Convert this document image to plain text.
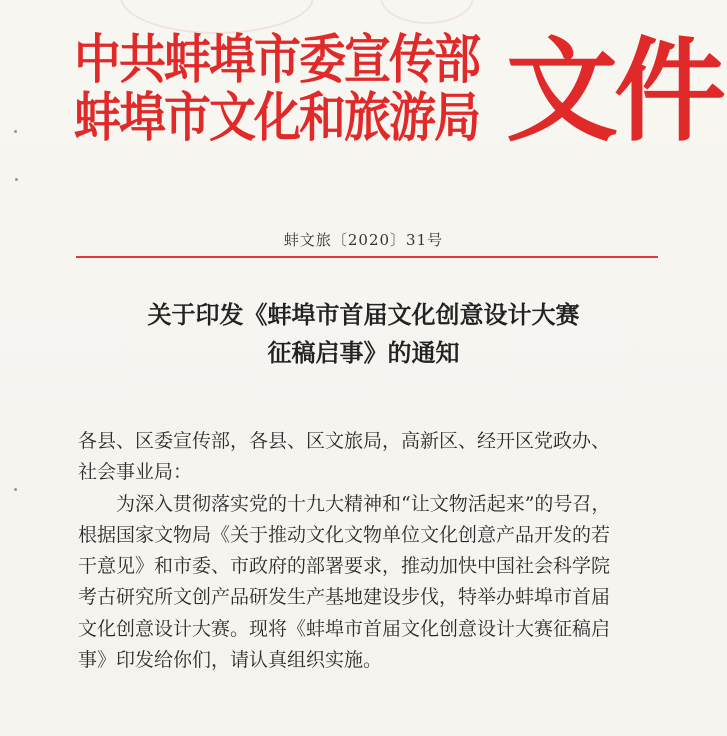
中共蚌埠市委宣传部
蚌埠市文化和旅游局 文件
蚌文旅〔2020〕31号
关于印发《蚌埠市首届文化创意设计大赛
征稿启事》的通知
各县、区委宣传部，各县、区文旅局，高新区、经开区党政办、
社会事业局：
　　为深入贯彻落实党的十九大精神和“让文物活起来”的号召，
根据国家文物局《关于推动文化文物单位文化创意产品开发的若
干意见》和市委、市政府的部署要求，推动加快中国社会科学院
考古研究所文创产品研发生产基地建设步伐，特举办蚌埠市首届
文化创意设计大赛。现将《蚌埠市首届文化创意设计大赛征稿启
事》印发给你们，请认真组织实施。
